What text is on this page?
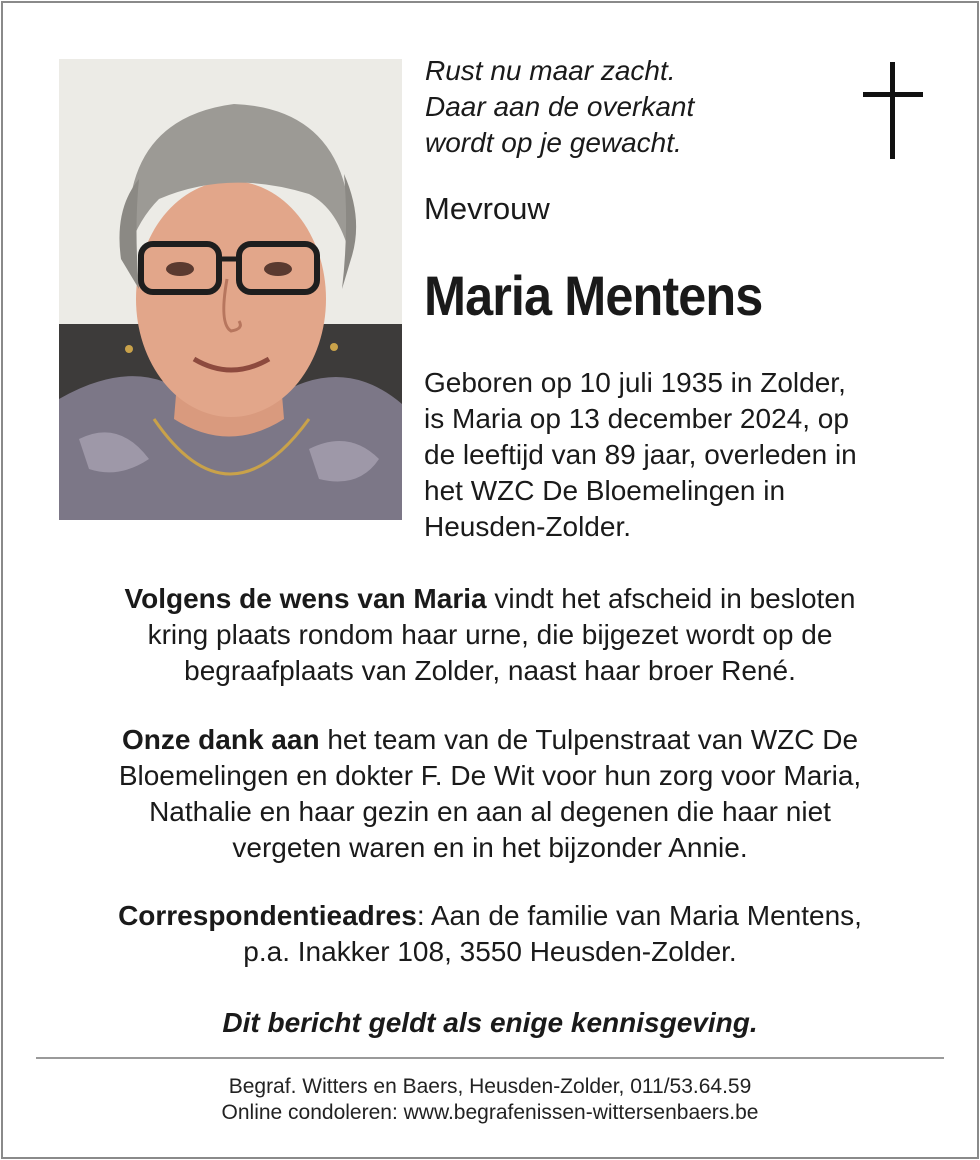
Rust nu maar zacht.
Daar aan de overkant
wordt op je gewacht.
Mevrouw
Maria Mentens
Geboren op 10 juli 1935 in Zolder,
is Maria op 13 december 2024, op
de leeftijd van 89 jaar, overleden in
het WZC De Bloemelingen in
Heusden-Zolder.
Volgens de wens van Maria vindt het afscheid in besloten
kring plaats rondom haar urne, die bijgezet wordt op de
begraafplaats van Zolder, naast haar broer René.
Onze dank aan het team van de Tulpenstraat van WZC De
Bloemelingen en dokter F. De Wit voor hun zorg voor Maria,
Nathalie en haar gezin en aan al degenen die haar niet
vergeten waren en in het bijzonder Annie.
Correspondentieadres: Aan de familie van Maria Mentens,
p.a. Inakker 108, 3550 Heusden-Zolder.
Dit bericht geldt als enige kennisgeving.
Begraf. Witters en Baers, Heusden-Zolder, 011/53.64.59
Online condoleren: www.begrafenissen-wittersenbaers.be
